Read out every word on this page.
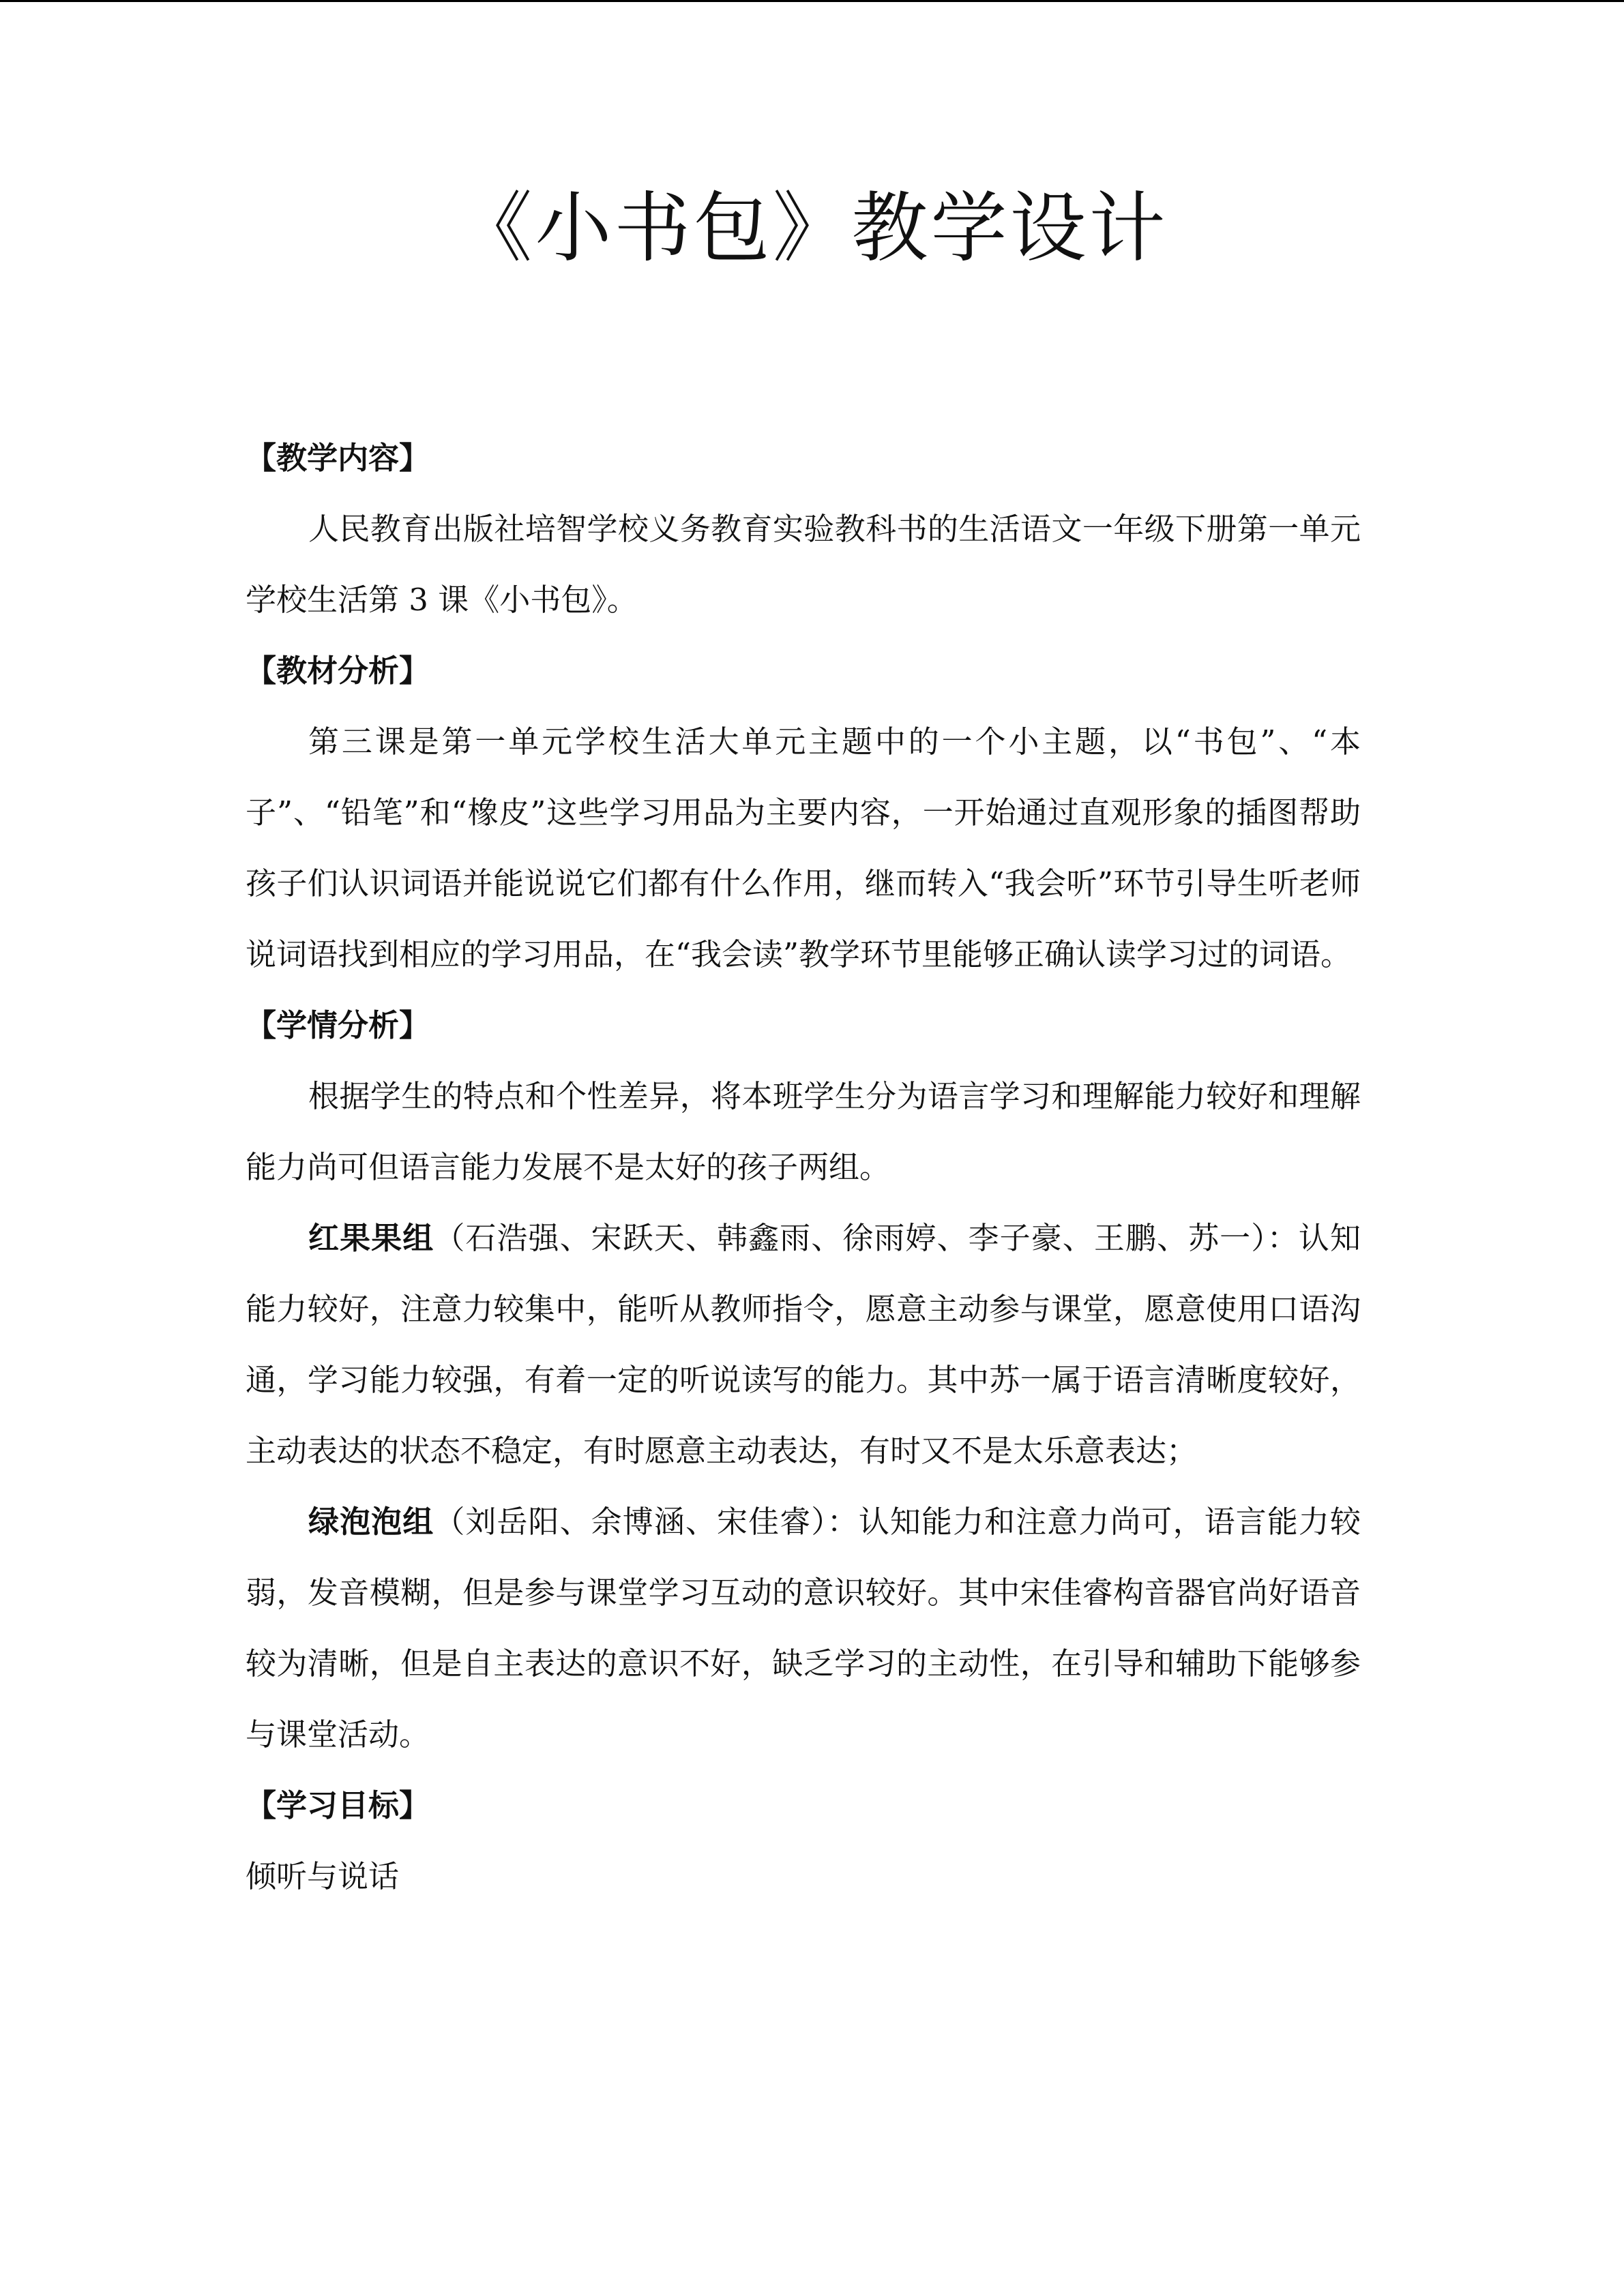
《小书包》教学设计

【教学内容】

人民教育出版社培智学校义务教育实验教科书的生活语文一年级下册第一单元学校生活第 3 课《小书包》。

【教材分析】

第三课是第一单元学校生活大单元主题中的一个小主题，以“书包”、“本子”、“铅笔”和“橡皮”这些学习用品为主要内容，一开始通过直观形象的插图帮助孩子们认识词语并能说说它们都有什么作用，继而转入“我会听”环节引导生听老师说词语找到相应的学习用品，在“我会读”教学环节里能够正确认读学习过的词语。

【学情分析】

根据学生的特点和个性差异，将本班学生分为语言学习和理解能力较好和理解能力尚可但语言能力发展不是太好的孩子两组。

红果果组（石浩强、宋跃天、韩鑫雨、徐雨婷、李子豪、王鹏、苏一）：认知能力较好，注意力较集中，能听从教师指令，愿意主动参与课堂，愿意使用口语沟通，学习能力较强，有着一定的听说读写的能力。其中苏一属于语言清晰度较好，主动表达的状态不稳定，有时愿意主动表达，有时又不是太乐意表达；

绿泡泡组（刘岳阳、余博涵、宋佳睿）：认知能力和注意力尚可，语言能力较弱，发音模糊，但是参与课堂学习互动的意识较好。其中宋佳睿构音器官尚好语音较为清晰，但是自主表达的意识不好，缺乏学习的主动性，在引导和辅助下能够参与课堂活动。

【学习目标】

倾听与说话
